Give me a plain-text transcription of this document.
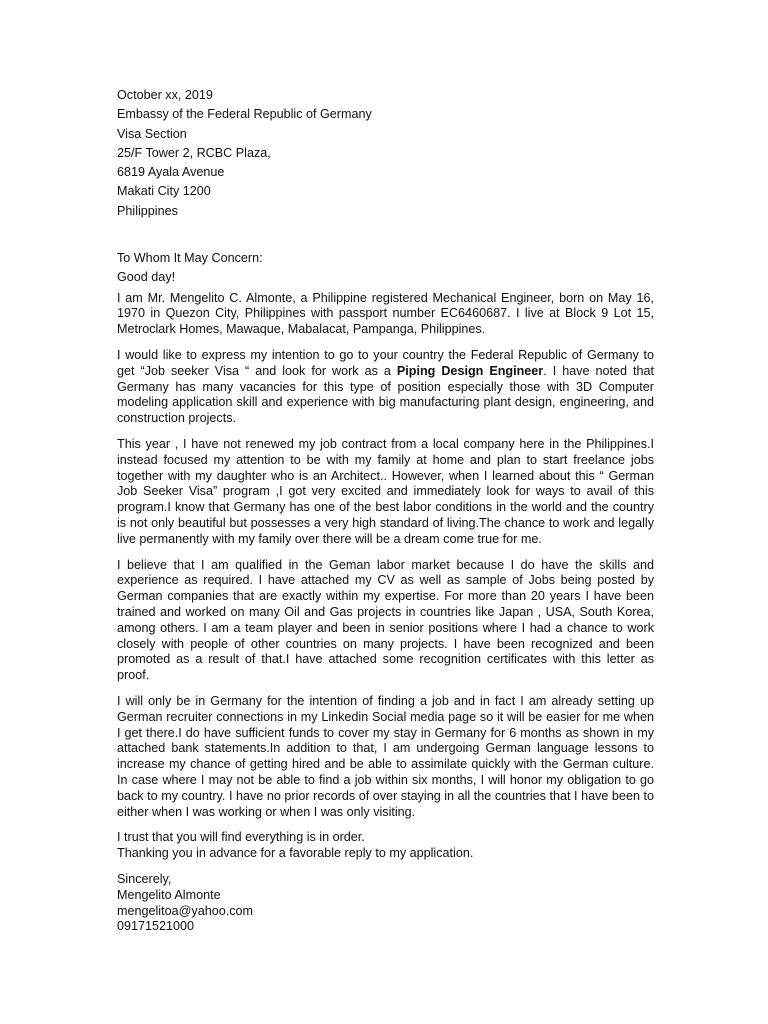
October xx, 2019
Embassy of the Federal Republic of Germany
Visa Section
25/F Tower 2, RCBC Plaza,
6819 Ayala Avenue
Makati City 1200
Philippines
To Whom It May Concern:
Good day!

I am Mr. Mengelito C. Almonte, a Philippine registered Mechanical Engineer, born on May 16, 1970 in Quezon City, Philippines with passport number EC6460687. I live at Block 9 Lot 15, Metroclark Homes, Mawaque, Mabalacat, Pampanga, Philippines.

I would like to express my intention to go to your country the Federal Republic of Germany to get “Job seeker Visa “ and look for work as a Piping Design Engineer. I have noted that Germany has many vacancies for this type of position especially those with 3D Computer modeling application skill and experience with big manufacturing plant design, engineering, and construction projects.

This year , I have not renewed my job contract from a local company here in the Philippines.I instead focused my attention to be with my family at home and plan to start freelance jobs together with my daughter who is an Architect.. However, when I learned about this “ German Job Seeker Visa” program ,I got very excited and immediately look for ways to avail of this program.I know that Germany has one of the best labor conditions in the world and the country is not only beautiful but possesses a very high standard of living.The chance to work and legally live permanently with my family over there will be a dream come true for me.

I believe that I am qualified in the Geman labor market because I do have the skills and experience as required. I have attached my CV as well as sample of Jobs being posted by German companies that are exactly within my expertise. For more than 20 years I have been trained and worked on many Oil and Gas projects in countries like Japan , USA, South Korea, among others. I am a team player and been in senior positions where I had a chance to work closely with people of other countries on many projects. I have been recognized and been promoted as a result of that.I have attached some recognition certificates with this letter as proof.

I will only be in Germany for the intention of finding a job and in fact I am already setting up German recruiter connections in my Linkedin Social media page so it will be easier for me when I get there.I do have sufficient funds to cover my stay in Germany for 6 months as shown in my attached bank statements.In addition to that, I am undergoing German language lessons to increase my chance of getting hired and be able to assimilate quickly with the German culture. In case where I may not be able to find a job within six months, I will honor my obligation to go back to my country. I have no prior records of over staying in all the countries that I have been to either when I was working or when I was only visiting.

I trust that you will find everything is in order.
Thanking you in advance for a favorable reply to my application.
Sincerely,
Mengelito Almonte
mengelitoa@yahoo.com
09171521000
